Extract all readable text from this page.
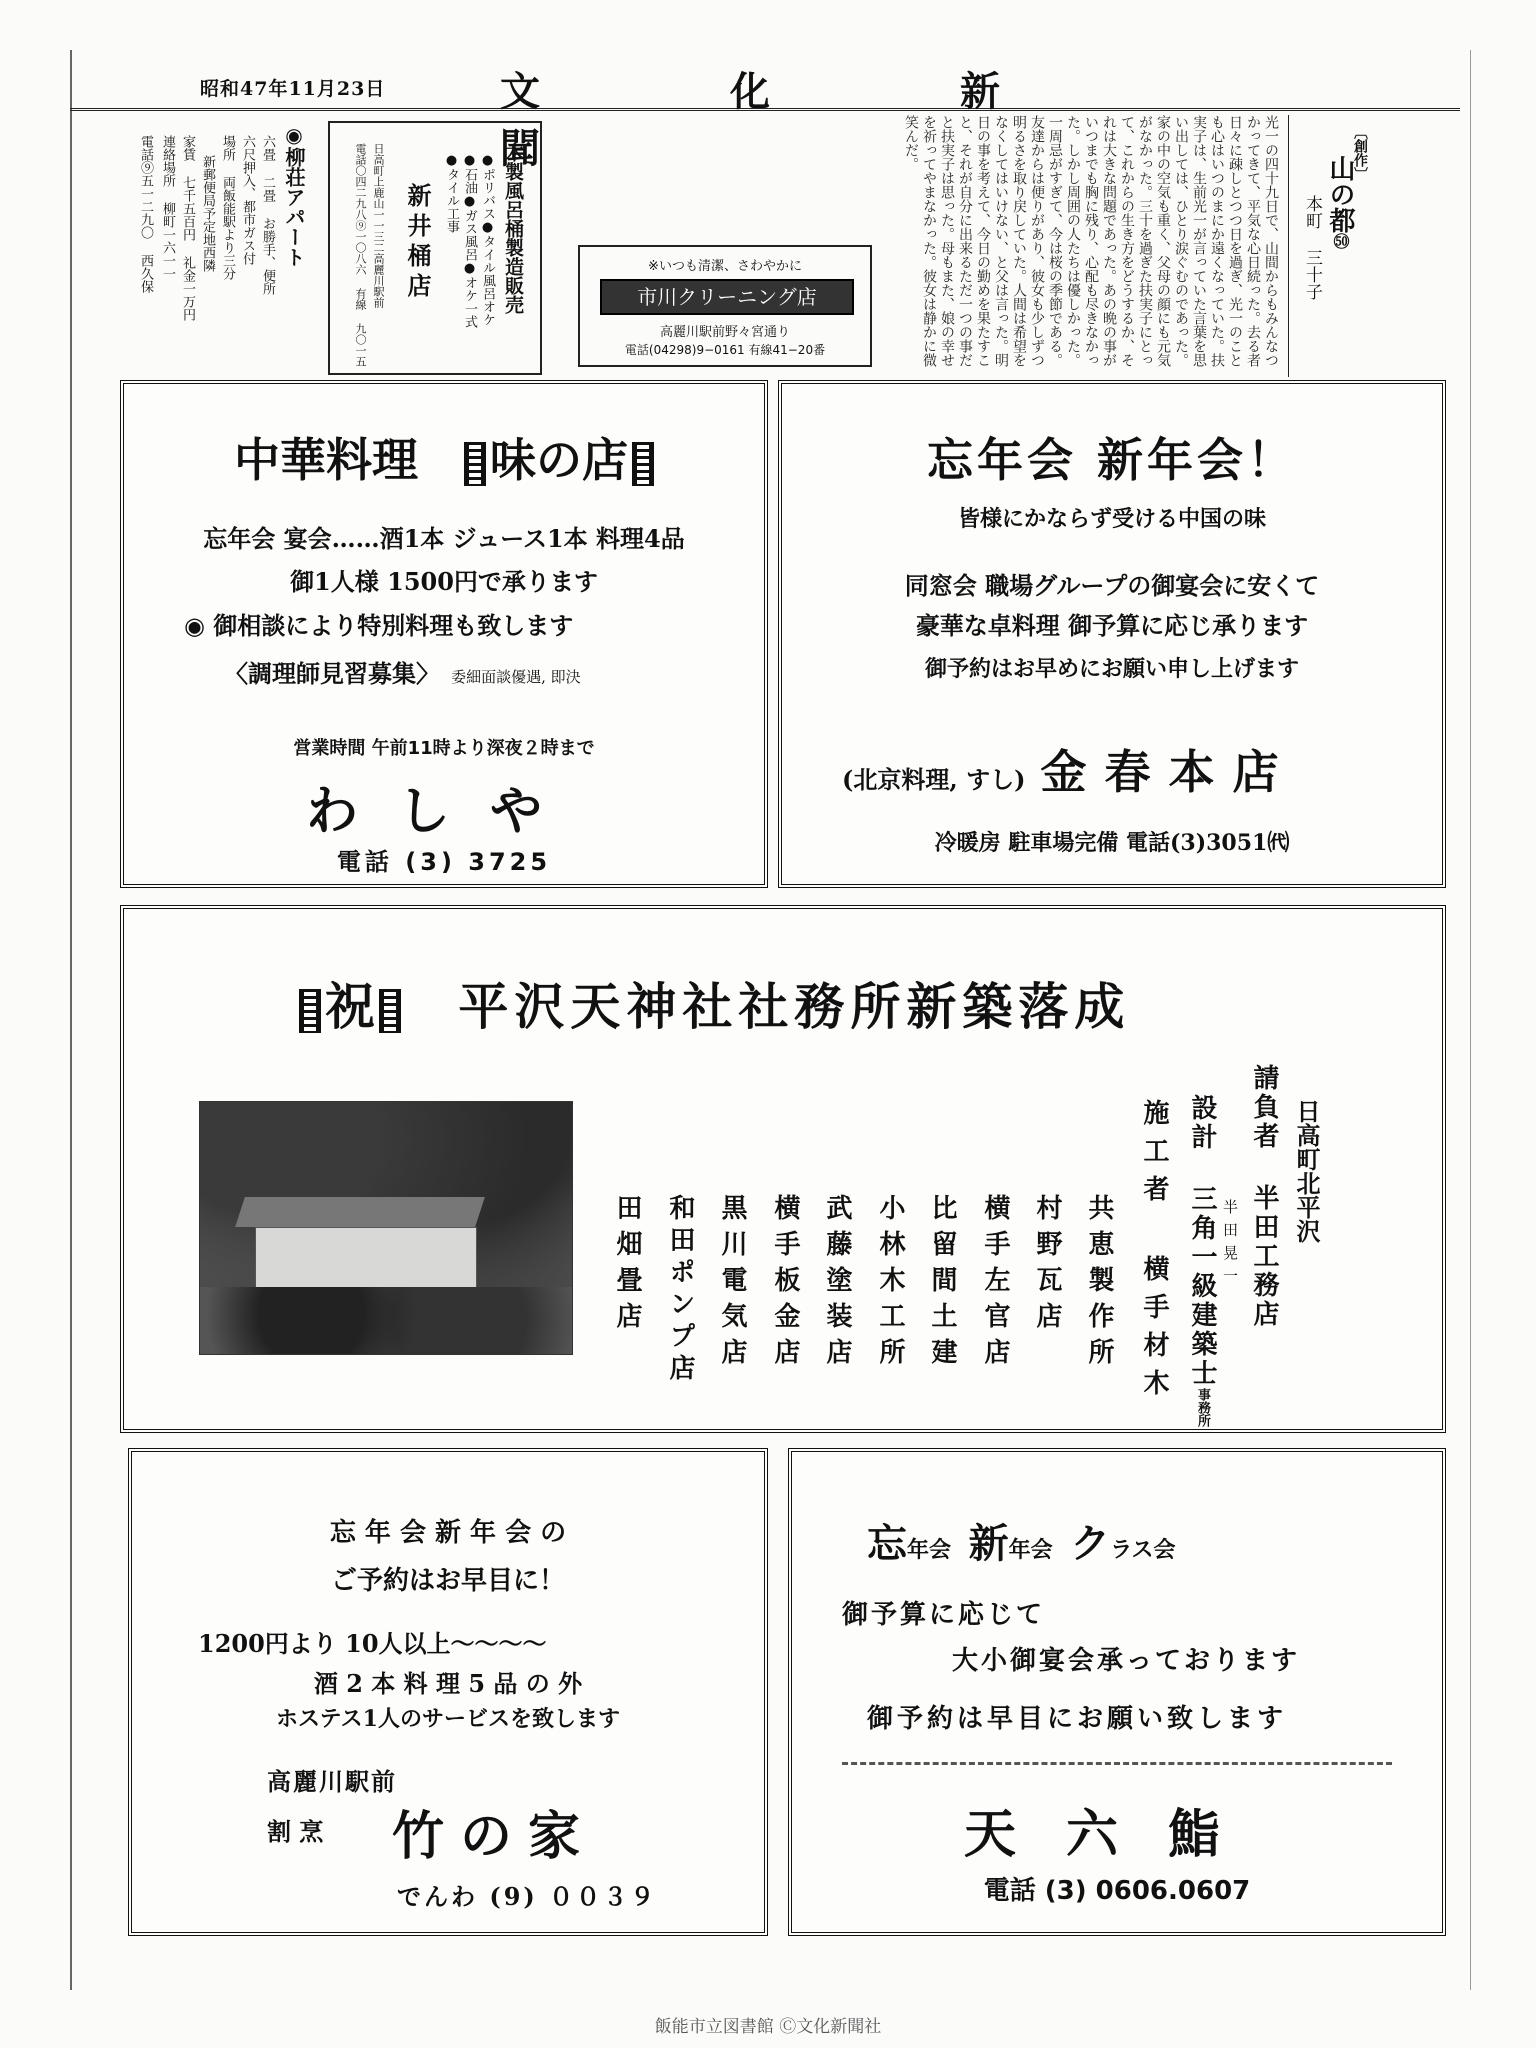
昭和47年11月23日	文化新聞	〔創作〕
山の都㊿
本町 三十子
光一の四十九日で、山間からもみんなつかってきて、平気な心日続った。去る者日々に疎しとつつ日を過ぎ、光一のことも心はいつのまにか遠くなっていた。扶実子は、生前光一が言っていた言葉を思い出しては、ひとり涙ぐむのであった。家の中の空気も重く、父母の顔にも元気がなかった。三十を過ぎた扶実子にとって、これからの生き方をどうするか、それは大きな問題であった。あの晩の事がいつまでも胸に残り、心配も尽きなかった。しかし周囲の人たちは優しかった。一周忌がすぎて、今は桜の季節である。友達からは便りがあり、彼女も少しずつ明るさを取り戻していた。人間は希望をなくしてはいけない、と父は言った。明日の事を考えて、今日の勤めを果たすこと、それが自分に出来るただ一つの事だと扶実子は思った。母もまた、娘の幸せを祈ってやまなかった。彼女は静かに微笑んだ。
※いつも清潔、さわやかに
市川クリーニング店
高麗川駅前野々宮通り
電話(04298)9−0161 有線41−20番
木製風呂桶製造販売
●ポリバス●タイル風呂オケ
●石油●ガス風呂●オケ一式
●タイル工事
新井桶店
日高町上鹿山一一三二高麗川駅前
電話〇四二九八⑨一〇八六 有線 九〇一五
◉柳荘アパート
六畳 二畳 お勝手、便所
六尺押入、都市ガス付
場所 両飯能駅より三分
新郵便局予定地西隣
家賃 七千五百円 礼金一万円
連絡場所 柳町一六一一
電話⑨五一二九〇 西久保
中華料理 味の店
忘年会 宴会……酒1本 ジュース1本 料理4品
御1人様 1500円で承ります
◉ 御相談により特別料理も致します
〈調理師見習募集〉 委細面談優遇, 即決
営業時間 午前11時より深夜２時まで
わしや
電話 (3) 3725
忘年会 新年会！
皆様にかならず受ける中国の味
同窓会 職場グループの御宴会に安くて
豪華な卓料理 御予算に応じ承ります
御予約はお早めにお願い申し上げます
(北京料理, すし) 金春本店
冷暖房 駐車場完備 電話(3)3051㈹
祝 平沢天神社社務所新築落成
日高町北平沢
請負者 半田工務店
半田晃一
設計 三角一級建築士事務所
施工者 横手材木
共恵製作所
村野瓦店
横手左官店
比留間土建
小林木工所
武藤塗装店
横手板金店
黒川電気店
和田ポンプ店
田畑畳店
忘 年 会 新 年 会 の
ご予約はお早目に！
1200円より 10人以上～～～～
酒 2 本 料 理 5 品 の 外
ホステス1人のサービスを致します
高麗川駅前
割 烹 竹の家
でんわ (9) ００３９
忘年会 新年会 クラス会
御予算に応じて
大小御宴会承っております
御予約は早目にお願い致します
天六鮨
電話 (3) 0606.0607
飯能市立図書館 Ⓒ文化新聞社
